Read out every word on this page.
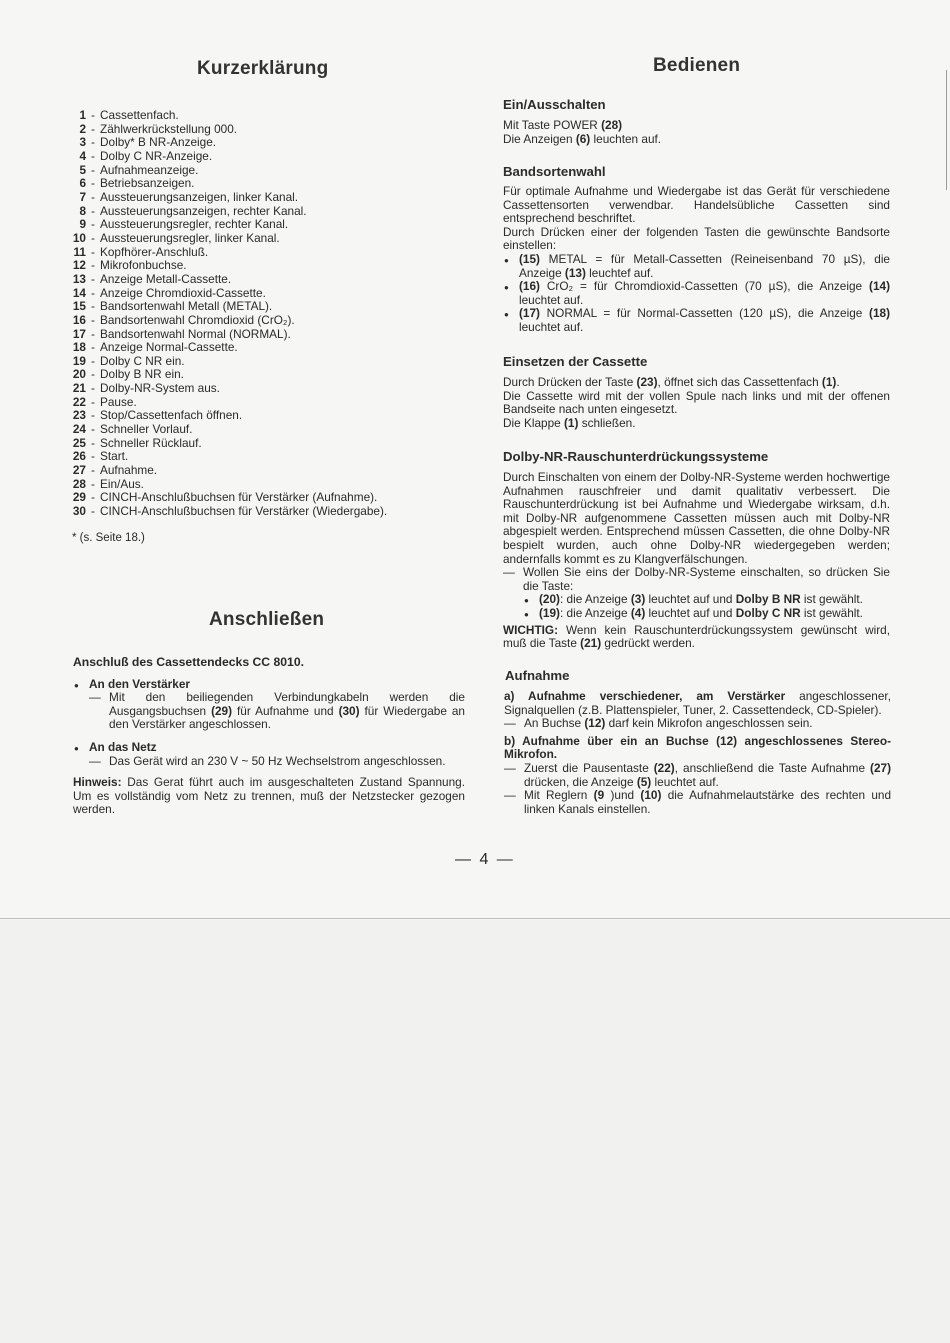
Kurzerklärung
1 - Cassettenfach.
2 - Zählwerkrückstellung 000.
3 - Dolby* B NR-Anzeige.
4 - Dolby C NR-Anzeige.
5 - Aufnahmeanzeige.
6 - Betriebsanzeigen.
7 - Aussteuerungsanzeigen, linker Kanal.
8 - Aussteuerungsanzeigen, rechter Kanal.
9 - Aussteuerungsregler, rechter Kanal.
10 - Aussteuerungsregler, linker Kanal.
11 - Kopfhörer-Anschluß.
12 - Mikrofonbuchse.
13 - Anzeige Metall-Cassette.
14 - Anzeige Chromdioxid-Cassette.
15 - Bandsortenwahl Metall (METAL).
16 - Bandsortenwahl Chromdioxid (CrO₂).
17 - Bandsortenwahl Normal (NORMAL).
18 - Anzeige Normal-Cassette.
19 - Dolby C NR ein.
20 - Dolby B NR ein.
21 - Dolby-NR-System aus.
22 - Pause.
23 - Stop/Cassettenfach öffnen.
24 - Schneller Vorlauf.
25 - Schneller Rücklauf.
26 - Start.
27 - Aufnahme.
28 - Ein/Aus.
29 - CINCH-Anschlußbuchsen für Verstärker (Aufnahme).
30 - CINCH-Anschlußbuchsen für Verstärker (Wiedergabe).
* (s. Seite 18.)
Anschließen
Anschluß des Cassettendecks CC 8010.
● An den Verstärker
— Mit den beiliegenden Verbindungkabeln werden die Ausgangsbuchsen (29) für Aufnahme und (30) für Wiedergabe an den Verstärker angeschlossen.
● An das Netz
— Das Gerät wird an 230 V ~ 50 Hz Wechselstrom angeschlossen.
Hinweis: Das Gerat führt auch im ausgeschalteten Zustand Spannung. Um es vollständig vom Netz zu trennen, muß der Netzstecker gezogen werden.
Bedienen
Ein/Ausschalten
Mit Taste POWER (28)
Die Anzeigen (6) leuchten auf.
Bandsortenwahl
Für optimale Aufnahme und Wiedergabe ist das Gerät für verschiedene Cassettensorten verwendbar. Handelsübliche Cassetten sind entsprechend beschriftet.
Durch Drücken einer der folgenden Tasten die gewünschte Bandsorte einstellen:
● (15) METAL = für Metall-Cassetten (Reineisenband 70 µS), die Anzeige (13) leuchtef auf.
● (16) CrO₂ = für Chromdioxid-Cassetten (70 µS), die Anzeige (14) leuchtet auf.
● (17) NORMAL = für Normal-Cassetten (120 µS), die Anzeige (18) leuchtet auf.
Einsetzen der Cassette
Durch Drücken der Taste (23), öffnet sich das Cassettenfach (1).
Die Cassette wird mit der vollen Spule nach links und mit der offenen Bandseite nach unten eingesetzt.
Die Klappe (1) schließen.
Dolby-NR-Rauschunterdrückungssysteme
Durch Einschalten von einem der Dolby-NR-Systeme werden hochwertige Aufnahmen rauschfreier und damit qualitativ verbessert. Die Rauschunterdrückung ist bei Aufnahme und Wiedergabe wirksam, d.h. mit Dolby-NR aufgenommene Cassetten müssen auch mit Dolby-NR abgespielt werden. Entsprechend müssen Cassetten, die ohne Dolby-NR bespielt wurden, auch ohne Dolby-NR wiedergegeben werden; andernfalls kommt es zu Klangverfälschungen.
— Wollen Sie eins der Dolby-NR-Systeme einschalten, so drücken Sie die Taste:
● (20): die Anzeige (3) leuchtet auf und Dolby B NR ist gewählt.
● (19): die Anzeige (4) leuchtet auf und Dolby C NR ist gewählt.
WICHTIG: Wenn kein Rauschunterdrückungssystem gewünscht wird, muß die Taste (21) gedrückt werden.
Aufnahme
a) Aufnahme verschiedener, am Verstärker angeschlossener, Signalquellen (z.B. Plattenspieler, Tuner, 2. Cassettendeck, CD-Spieler).
— An Buchse (12) darf kein Mikrofon angeschlossen sein.
b) Aufnahme über ein an Buchse (12) angeschlossenes Stereo-Mikrofon.
— Zuerst die Pausentaste (22), anschließend die Taste Aufnahme (27) drücken, die Anzeige (5) leuchtet auf.
— Mit Reglern (9 )und (10) die Aufnahmelautstärke des rechten und linken Kanals einstellen.
— 4 —
